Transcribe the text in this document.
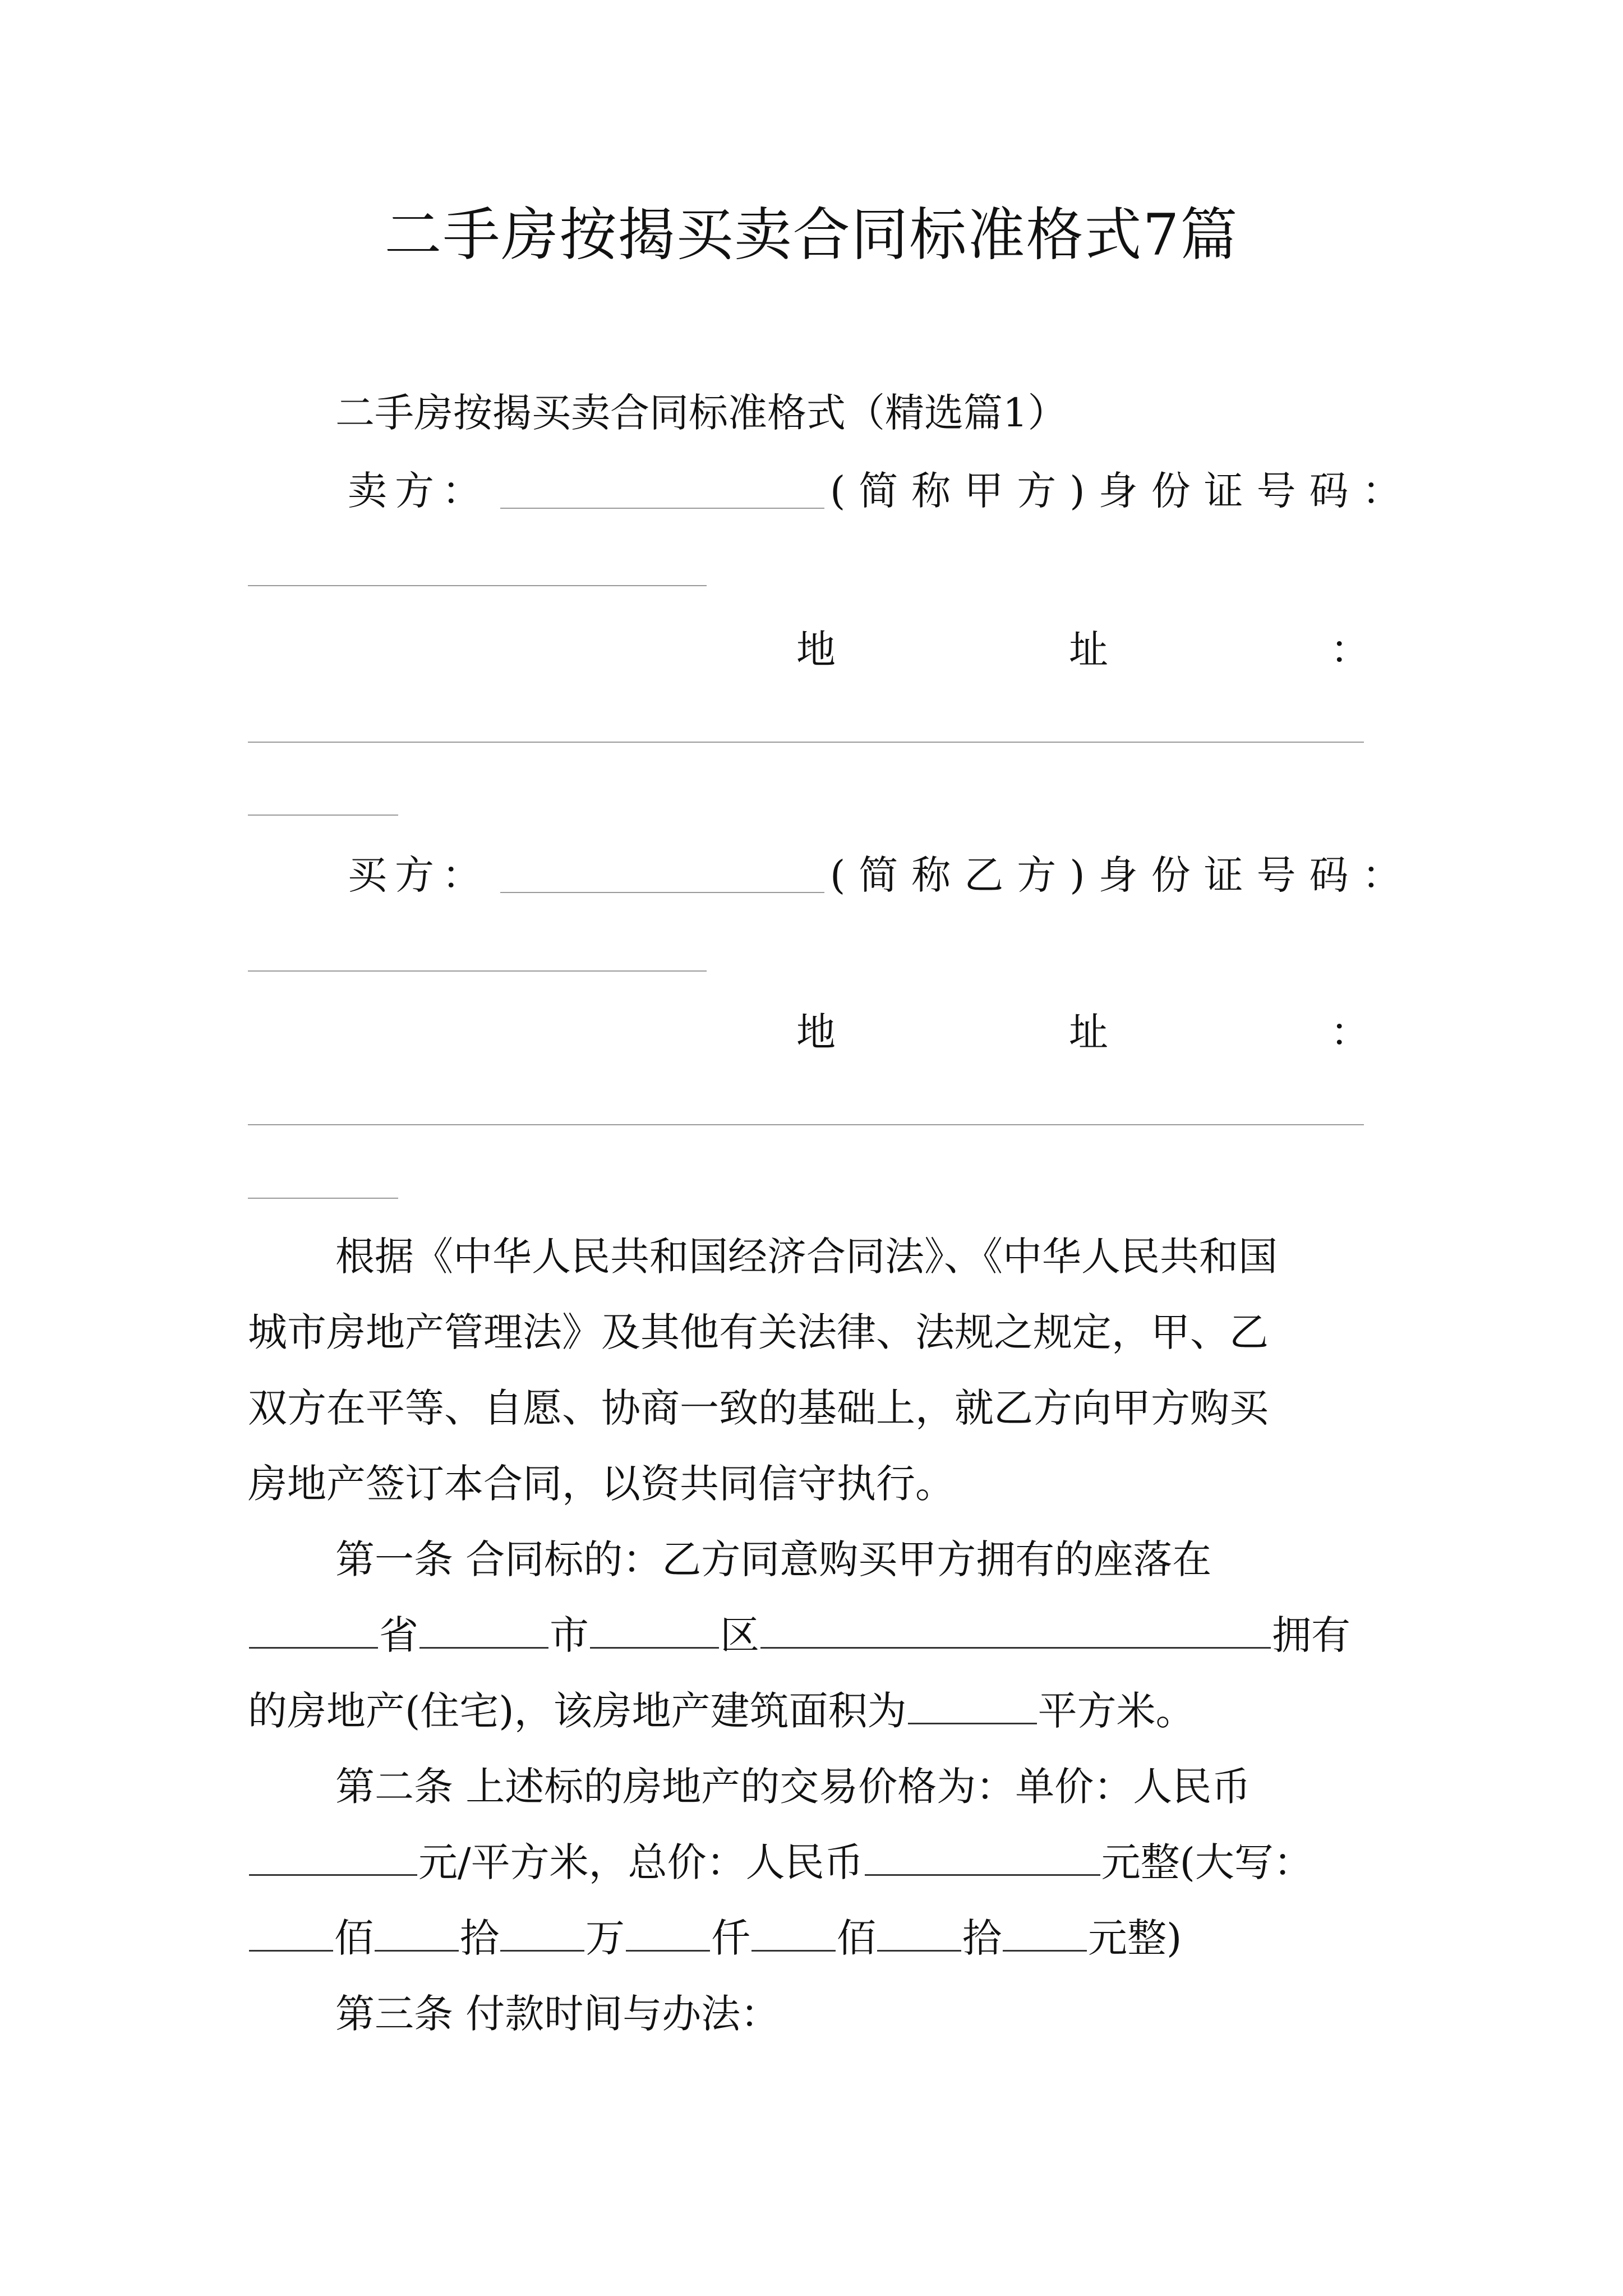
二手房按揭买卖合同标准格式7篇
二手房按揭买卖合同标准格式（精选篇1）
卖方：	(简称甲方)身份证号码：
地	址	：
买方：	(简称乙方)身份证号码：
地	址	：
根据《中华人民共和国经济合同法》、《中华人民共和国
城市房地产管理法》及其他有关法律、法规之规定，甲、乙
双方在平等、自愿、协商一致的基础上，就乙方向甲方购买
房地产签订本合同，以资共同信守执行。
第一条 合同标的：乙方同意购买甲方拥有的座落在
省	市	区	拥有
的房地产(住宅)，该房地产建筑面积为	平方米。
第二条 上述标的房地产的交易价格为：单价：人民币
元/平方米，总价：人民币	元整(大写：
佰 拾 万 仟 佰 拾 元整)
第三条 付款时间与办法：
